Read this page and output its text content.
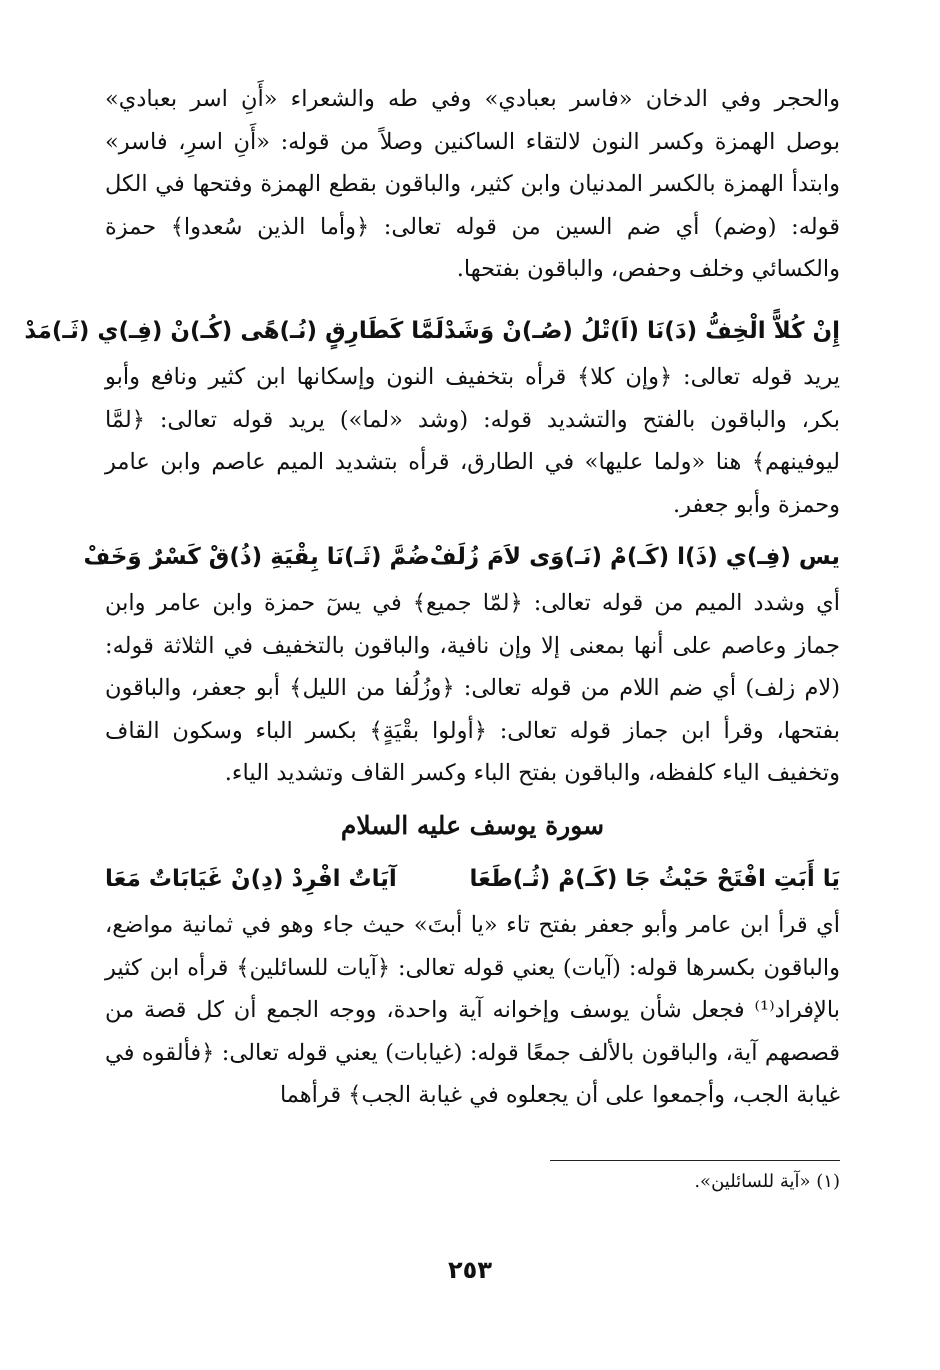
والحجر وفي الدخان «فاسر بعبادي» وفي طه والشعراء «أَنِ اسر بعبادي» بوصل الهمزة وكسر النون لالتقاء الساكنين وصلاً من قوله: «أَنِ اسرِ، فاسر» وابتدأ الهمزة بالكسر المدنيان وابن كثير، والباقون بقطع الهمزة وفتحها في الكل قوله: (وضم) أي ضم السين من قوله تعالى: ﴿وأما الذين سُعدوا﴾ حمزة والكسائي وخلف وحفص، والباقون بفتحها.

إِنْ كُلاًّ الْخِفُّ (دَ)نَا (اَ)تْلُ (صُـ)نْ وَشَدْ
لَمَّا كَطَارِقٍ (نُـ)هًى (كُـ)نْ (فِـ)ي (ثَـ)مَدْ

يريد قوله تعالى: ﴿وإن كلا﴾ قرأه بتخفيف النون وإسكانها ابن كثير ونافع وأبو بكر، والباقون بالفتح والتشديد قوله: (وشد «لما») يريد قوله تعالى: ﴿لمَّا ليوفينهم﴾ هنا «ولما عليها» في الطارق، قرأه بتشديد الميم عاصم وابن عامر وحمزة وأبو جعفر.

يس (فِـ)ي (ذَ)ا (كَـ)مْ (نَـ)وَى لاَمَ زُلَفْ
ضُمَّ (ثَـ)نَا بِقْيَةِ (ذُ)قْ كَسْرٌ وَخَفْ

أي وشدد الميم من قوله تعالى: ﴿لمّا جميع﴾ في يسٓ حمزة وابن عامر وابن جماز وعاصم على أنها بمعنى إلا وإن نافية، والباقون بالتخفيف في الثلاثة قوله: (لام زلف) أي ضم اللام من قوله تعالى: ﴿وزُلُفا من الليل﴾ أبو جعفر، والباقون بفتحها، وقرأ ابن جماز قوله تعالى: ﴿أولوا بقْيَةٍ﴾ بكسر الباء وسكون القاف وتخفيف الياء كلفظه، والباقون بفتح الباء وكسر القاف وتشديد الياء.

سورة يوسف عليه السلام
يَا أَبَتِ افْتَحْ حَيْثُ جَا (كَـ)مْ (ثُـ)طَعَا
آيَاتٌ افْرِدْ (دِ)نْ غَيَابَاتٌ مَعَا

أي قرأ ابن عامر وأبو جعفر بفتح تاء «يا أبتَ» حيث جاء وهو في ثمانية مواضع، والباقون بكسرها قوله: (آيات) يعني قوله تعالى: ﴿آيات للسائلين﴾ قرأه ابن كثير بالإفراد⁽¹⁾ فجعل شأن يوسف وإخوانه آية واحدة، ووجه الجمع أن كل قصة من قصصهم آية، والباقون بالألف جمعًا قوله: (غيابات) يعني قوله تعالى: ﴿فألقوه في غيابة الجب، وأجمعوا على أن يجعلوه في غيابة الجب﴾ قرأهما

(١) «آية للسائلين».
٢٥٣
